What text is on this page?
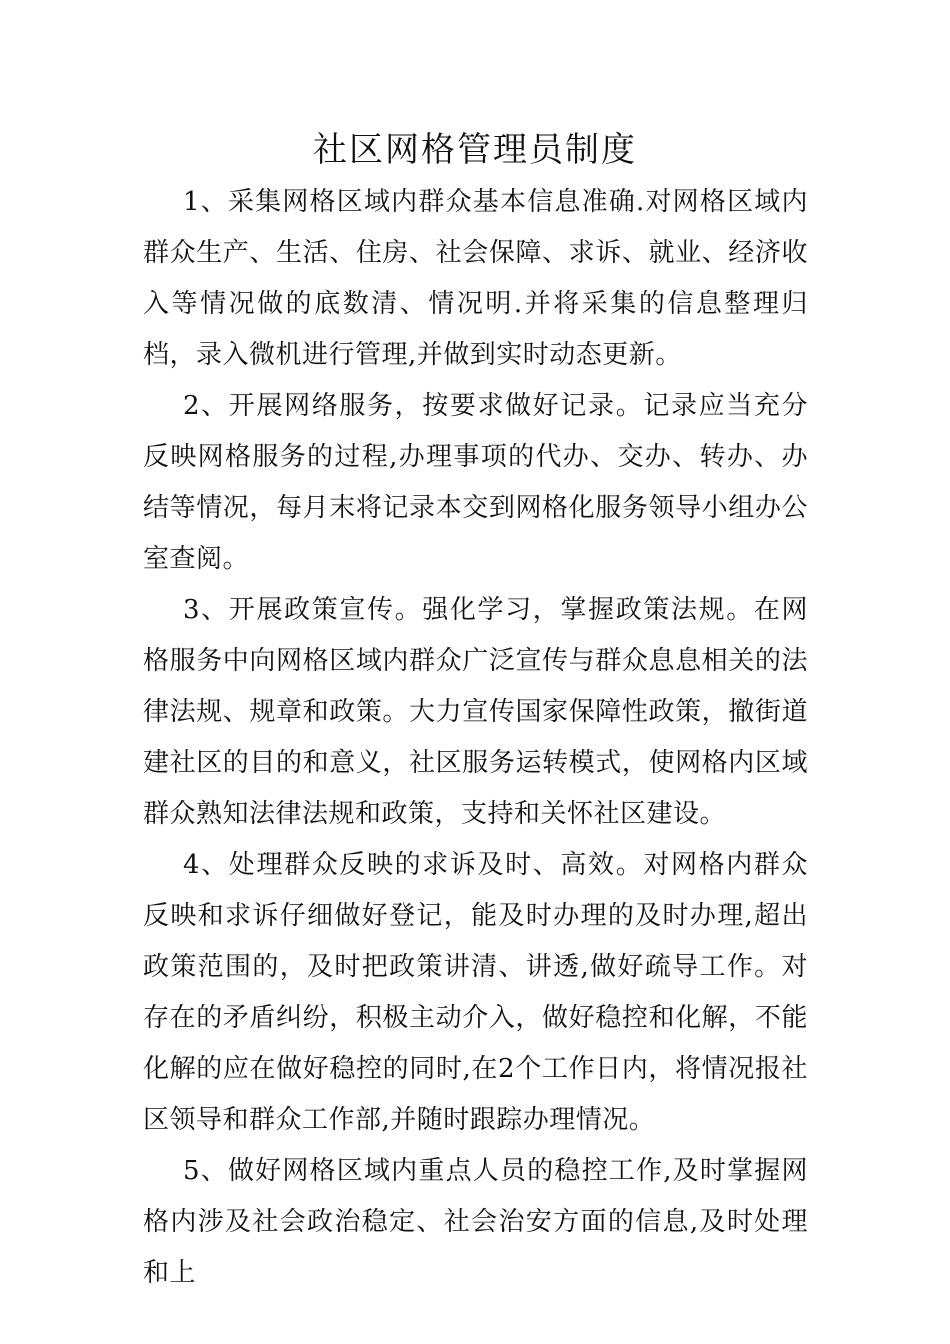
社区网格管理员制度

1、采集网格区域内群众基本信息准确.对网格区域内群众生产、生活、住房、社会保障、求诉、就业、经济收入等情况做的底数清、情况明.并将采集的信息整理归档，录入微机进行管理,并做到实时动态更新。

2、开展网络服务，按要求做好记录。记录应当充分反映网格服务的过程,办理事项的代办、交办、转办、办结等情况，每月末将记录本交到网格化服务领导小组办公室查阅。

3、开展政策宣传。强化学习，掌握政策法规。在网格服务中向网格区域内群众广泛宣传与群众息息相关的法律法规、规章和政策。大力宣传国家保障性政策，撤街道建社区的目的和意义，社区服务运转模式，使网格内区域群众熟知法律法规和政策，支持和关怀社区建设。

4、处理群众反映的求诉及时、高效。对网格内群众反映和求诉仔细做好登记，能及时办理的及时办理,超出政策范围的，及时把政策讲清、讲透,做好疏导工作。对存在的矛盾纠纷，积极主动介入，做好稳控和化解，不能化解的应在做好稳控的同时,在2个工作日内，将情况报社区领导和群众工作部,并随时跟踪办理情况。

5、做好网格区域内重点人员的稳控工作,及时掌握网格内涉及社会政治稳定、社会治安方面的信息,及时处理和上
